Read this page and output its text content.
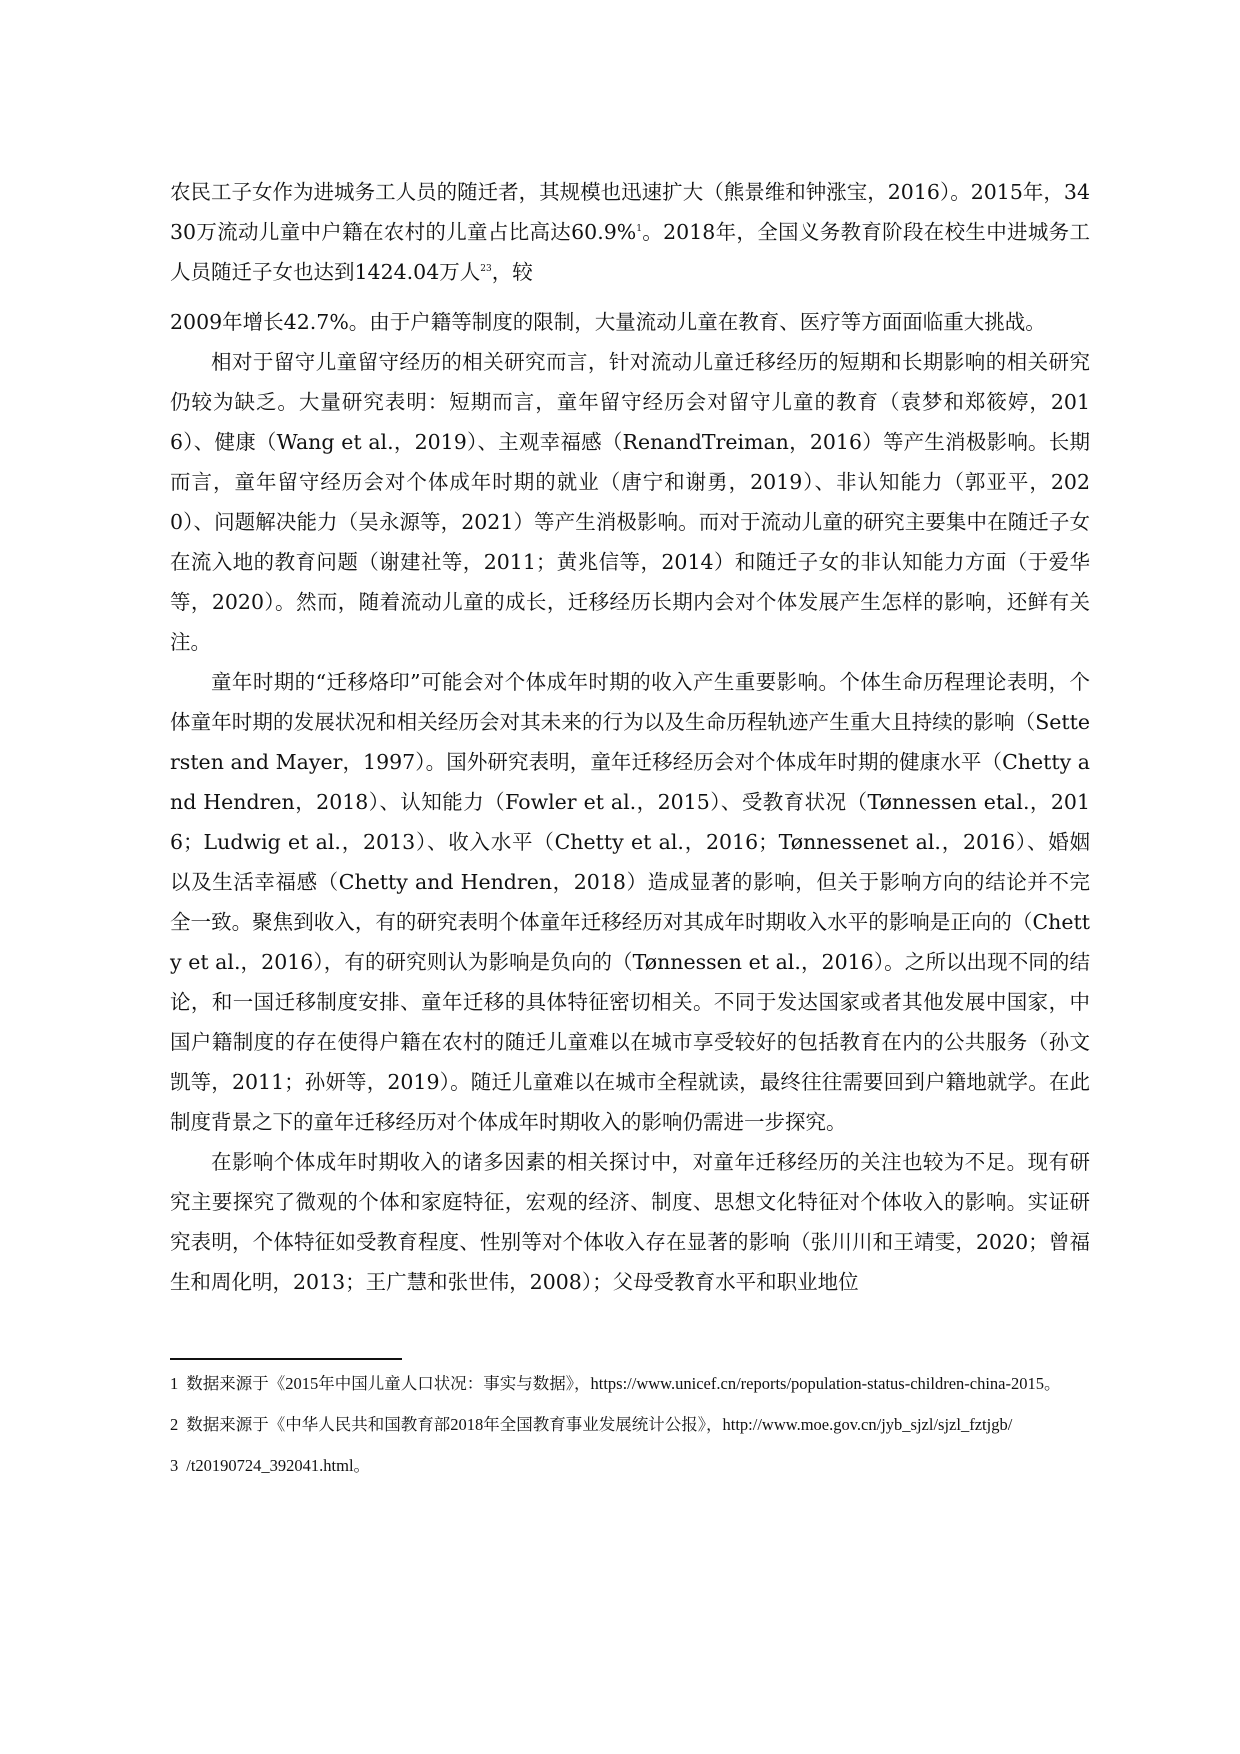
农民工子女作为进城务工人员的随迁者，其规模也迅速扩大（熊景维和钟涨宝，2016）。2015年，3430万流动儿童中户籍在农村的儿童占比高达60.9%$^1$。2018年，全国义务教育阶段在校生中进城务工人员随迁子女也达到1424.04万人$^{23}$，较

2009年增长42.7%。由于户籍等制度的限制，大量流动儿童在教育、医疗等方面面临重大挑战。

相对于留守儿童留守经历的相关研究而言，针对流动儿童迁移经历的短期和长期影响的相关研究仍较为缺乏。大量研究表明：短期而言，童年留守经历会对留守儿童的教育（袁梦和郑筱婷，2016）、健康（Wang et al.，2019）、主观幸福感（RenandTreiman，2016）等产生消极影响。长期而言，童年留守经历会对个体成年时期的就业（唐宁和谢勇，2019）、非认知能力（郭亚平，2020）、问题解决能力（吴永源等，2021）等产生消极影响。而对于流动儿童的研究主要集中在随迁子女在流入地的教育问题（谢建社等，2011；黄兆信等，2014）和随迁子女的非认知能力方面（于爱华等，2020）。然而，随着流动儿童的成长，迁移经历长期内会对个体发展产生怎样的影响，还鲜有关注。

童年时期的“迁移烙印”可能会对个体成年时期的收入产生重要影响。个体生命历程理论表明，个体童年时期的发展状况和相关经历会对其未来的行为以及生命历程轨迹产生重大且持续的影响（Settersten and Mayer，1997）。国外研究表明，童年迁移经历会对个体成年时期的健康水平（Chetty and Hendren，2018）、认知能力（Fowler et al.，2015）、受教育状况（Tønnessen etal.，2016；Ludwig et al.，2013）、收入水平（Chetty et al.，2016；Tønnessenet al.，2016）、婚姻以及生活幸福感（Chetty and Hendren，2018）造成显著的影响，但关于影响方向的结论并不完全一致。聚焦到收入，有的研究表明个体童年迁移经历对其成年时期收入水平的影响是正向的（Chetty et al.，2016），有的研究则认为影响是负向的（Tønnessen et al.，2016）。之所以出现不同的结论，和一国迁移制度安排、童年迁移的具体特征密切相关。不同于发达国家或者其他发展中国家，中国户籍制度的存在使得户籍在农村的随迁儿童难以在城市享受较好的包括教育在内的公共服务（孙文凯等，2011；孙妍等，2019）。随迁儿童难以在城市全程就读，最终往往需要回到户籍地就学。在此制度背景之下的童年迁移经历对个体成年时期收入的影响仍需进一步探究。

在影响个体成年时期收入的诸多因素的相关探讨中，对童年迁移经历的关注也较为不足。现有研究主要探究了微观的个体和家庭特征，宏观的经济、制度、思想文化特征对个体收入的影响。实证研究表明，个体特征如受教育程度、性别等对个体收入存在显著的影响（张川川和王靖雯，2020；曾福生和周化明，2013；王广慧和张世伟，2008）；父母受教育水平和职业地位

1 数据来源于《2015年中国儿童人口状况：事实与数据》，https://www.unicef.cn/reports/population-status-children-china-2015。

2 数据来源于《中华人民共和国教育部2018年全国教育事业发展统计公报》，http://www.moe.gov.cn/jyb_sjzl/sjzl_fztjgb/

3 /t20190724_392041.html。
